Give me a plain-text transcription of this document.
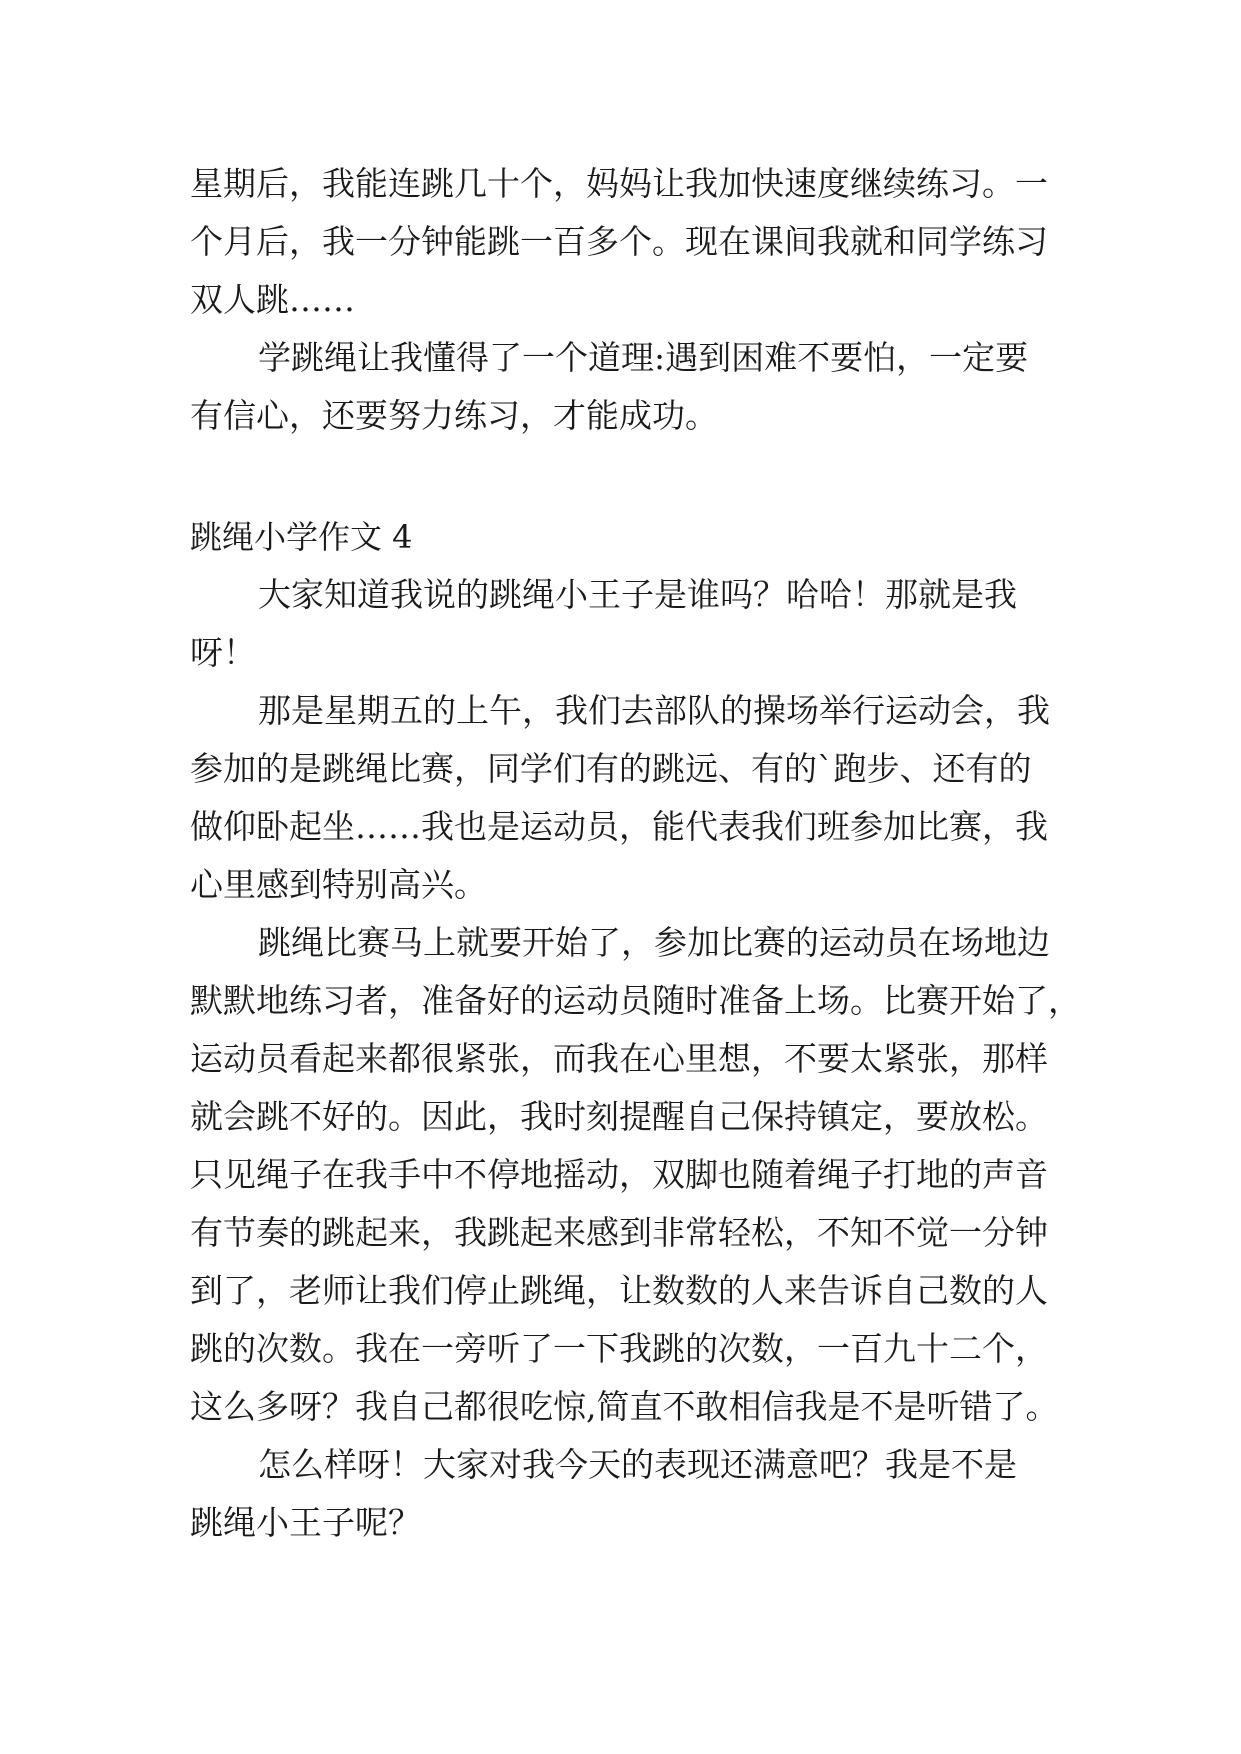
星期后，我能连跳几十个，妈妈让我加快速度继续练习。一
个月后，我一分钟能跳一百多个。现在课间我就和同学练习
双人跳……
学跳绳让我懂得了一个道理:遇到困难不要怕，一定要
有信心，还要努力练习，才能成功。
跳绳小学作文 4
大家知道我说的跳绳小王子是谁吗？哈哈！那就是我
呀！
那是星期五的上午，我们去部队的操场举行运动会，我
参加的是跳绳比赛，同学们有的跳远、有的`跑步、还有的
做仰卧起坐……我也是运动员，能代表我们班参加比赛，我
心里感到特别高兴。
跳绳比赛马上就要开始了，参加比赛的运动员在场地边
默默地练习者，准备好的运动员随时准备上场。比赛开始了，
运动员看起来都很紧张，而我在心里想，不要太紧张，那样
就会跳不好的。因此，我时刻提醒自己保持镇定，要放松。
只见绳子在我手中不停地摇动，双脚也随着绳子打地的声音
有节奏的跳起来，我跳起来感到非常轻松，不知不觉一分钟
到了，老师让我们停止跳绳，让数数的人来告诉自己数的人
跳的次数。我在一旁听了一下我跳的次数，一百九十二个，
这么多呀？我自己都很吃惊,简直不敢相信我是不是听错了。
怎么样呀！大家对我今天的表现还满意吧？我是不是
跳绳小王子呢？
